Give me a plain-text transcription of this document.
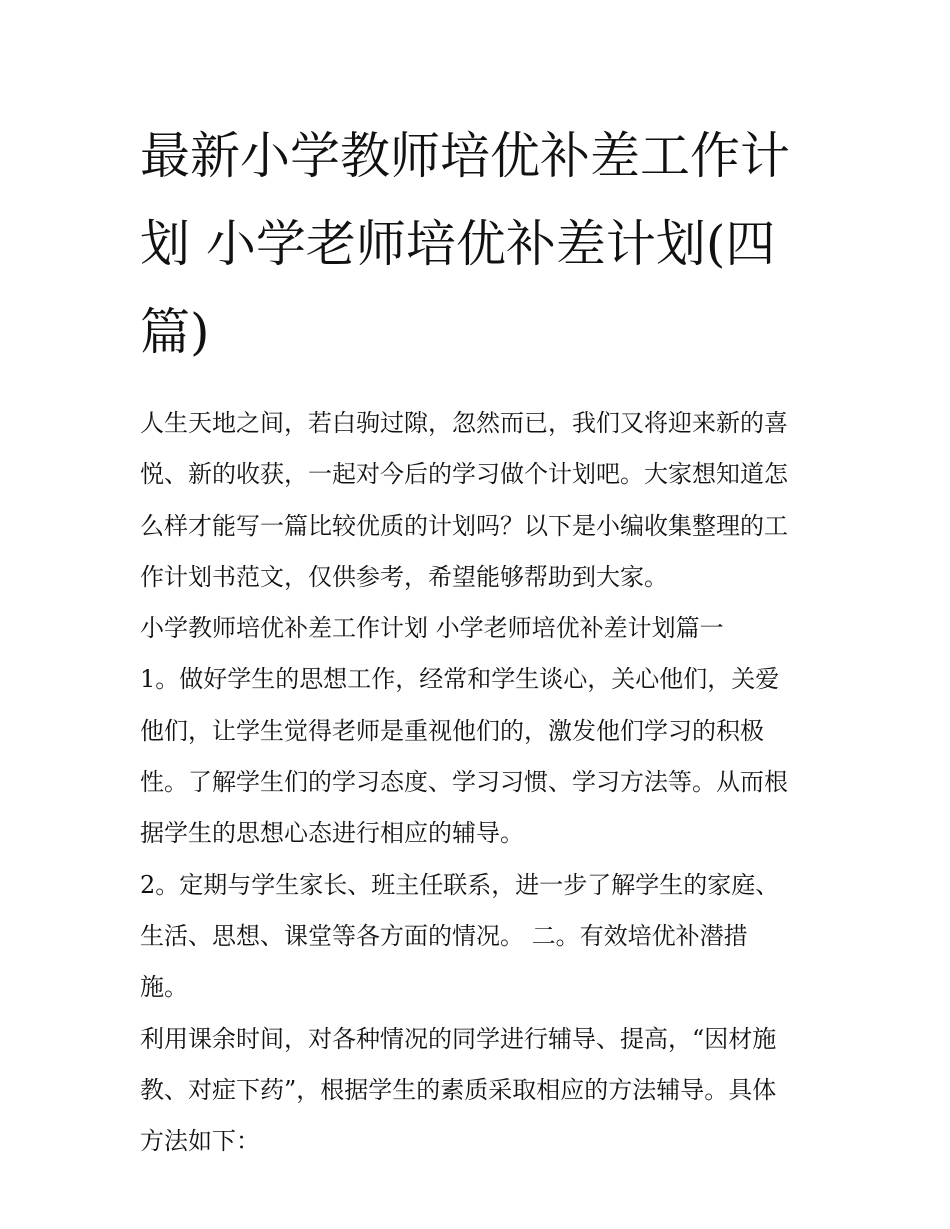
最新小学教师培优补差工作计

划 小学老师培优补差计划(四

篇)

人生天地之间，若白驹过隙，忽然而已，我们又将迎来新的喜

悦、新的收获，一起对今后的学习做个计划吧。大家想知道怎

么样才能写一篇比较优质的计划吗？以下是小编收集整理的工

作计划书范文，仅供参考，希望能够帮助到大家。

小学教师培优补差工作计划 小学老师培优补差计划篇一

1。做好学生的思想工作，经常和学生谈心，关心他们，关爱

他们，让学生觉得老师是重视他们的，激发他们学习的积极

性。了解学生们的学习态度、学习习惯、学习方法等。从而根

据学生的思想心态进行相应的辅导。

2。定期与学生家长、班主任联系，进一步了解学生的家庭、

生活、思想、课堂等各方面的情况。 二。有效培优补潜措

施。

利用课余时间，对各种情况的同学进行辅导、提高，“因材施

教、对症下药”，根据学生的素质采取相应的方法辅导。具体

方法如下：
